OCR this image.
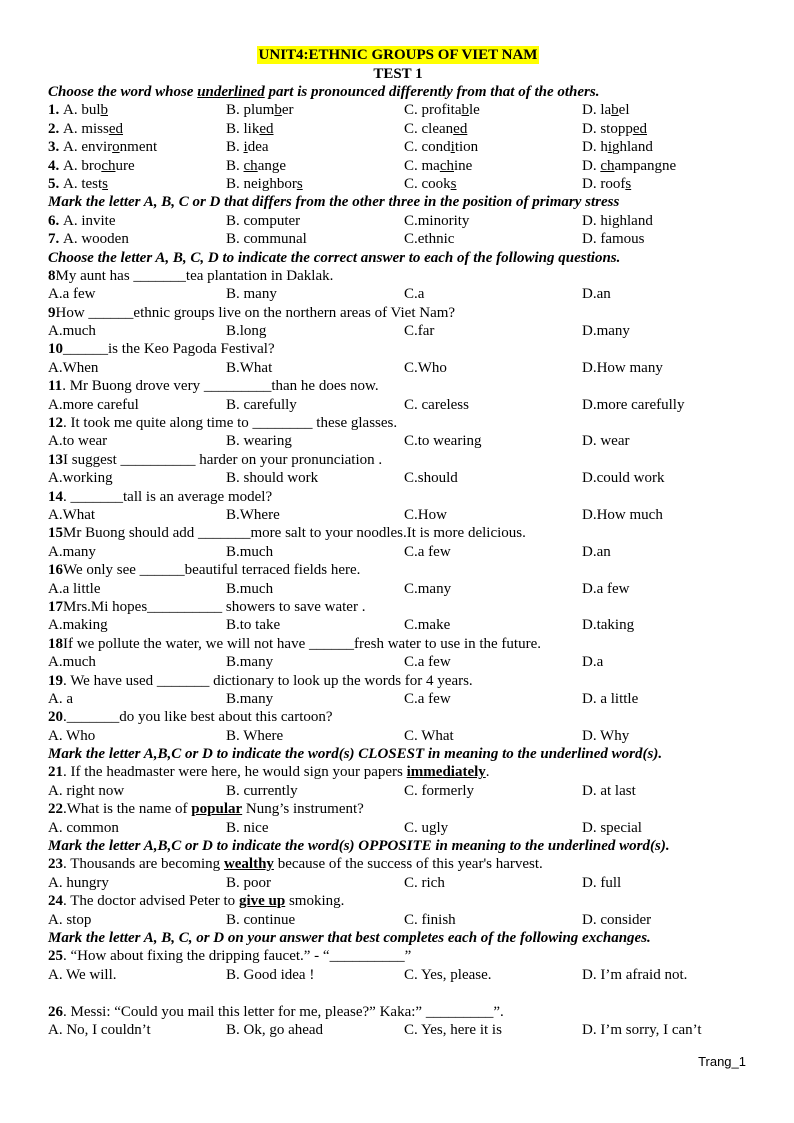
UNIT4:ETHNIC GROUPS OF VIET NAM
TEST 1
Choose the word whose underlined part is pronounced differently from that of the others.
1. A. bulb	B. plumber	C. profitable	D. label
2. A. missed	B. liked	C. cleaned	D. stopped
3. A. environment	B. idea	C. condition	D. highland
4. A. brochure	B. change	C. machine	D. champangne
5. A. tests	B. neighbors	C. cooks	D. roofs
Mark the letter A, B, C or D that differs from the other three in the position of primary stress
6. A. invite	B. computer	C.minority	D. highland
7. A. wooden	B. communal	C.ethnic	D. famous
Choose the letter A, B, C, D to indicate the correct answer to each of the following questions.
8My aunt has _______tea plantation in Daklak.
A.a few	B. many	C.a	D.an
9How ______ethnic groups live on the northern areas of Viet Nam?
A.much	B.long	C.far	D.many
10______is the Keo Pagoda Festival?
A.When	B.What	C.Who	D.How many
11. Mr Buong drove very _________than he does now.
A.more careful	B. carefully	C. careless	D.more carefully
12. It took me quite along time to ________ these glasses.
A.to wear	B. wearing	C.to wearing	D. wear
13I suggest __________ harder on your pronunciation .
A.working	B. should work	C.should	D.could work
14. _______tall is an average model?
A.What	B.Where	C.How	D.How much
15Mr Buong should add _______more salt to your noodles.It is more delicious.
A.many	B.much	C.a few	D.an
16We only see ______beautiful terraced fields here.
A.a little	B.much	C.many	D.a few
17Mrs.Mi hopes__________ showers to save water .
A.making	B.to take	C.make	D.taking
18If we pollute the water, we will not have ______fresh water to use in the future.
A.much	B.many	C.a few	D.a
19. We have used _______ dictionary to look up the words for 4 years.
A. a	B.many	C.a few	D. a little
20._______do you like best about this cartoon?
A. Who	B. Where	C. What	D. Why
Mark the letter A,B,C or D to indicate the word(s) CLOSEST in meaning to the underlined word(s).
21. If the headmaster were here, he would sign your papers immediately.
A. right now	B. currently	C. formerly	D. at last
22.What is the name of popular Nung’s instrument?
A. common	B. nice	C. ugly	D. special
Mark the letter A,B,C or D to indicate the word(s) OPPOSITE in meaning to the underlined word(s).
23. Thousands are becoming wealthy because of the success of this year's harvest.
A. hungry	B. poor	C. rich	D. full
24. The doctor advised Peter to give up smoking.
A. stop	B. continue	C. finish	D. consider
Mark the letter A, B, C, or D on your answer that best completes each of the following exchanges.
25. “How about fixing the dripping faucet.” - “__________”
A. We will.	B. Good idea !	C. Yes, please.	D. I’m afraid not.
26. Messi: “Could you mail this letter for me, please?” Kaka:” _________”.
A. No, I couldn’t	B. Ok, go ahead	C. Yes, here it is	D. I’m sorry, I can’t
Trang_1
